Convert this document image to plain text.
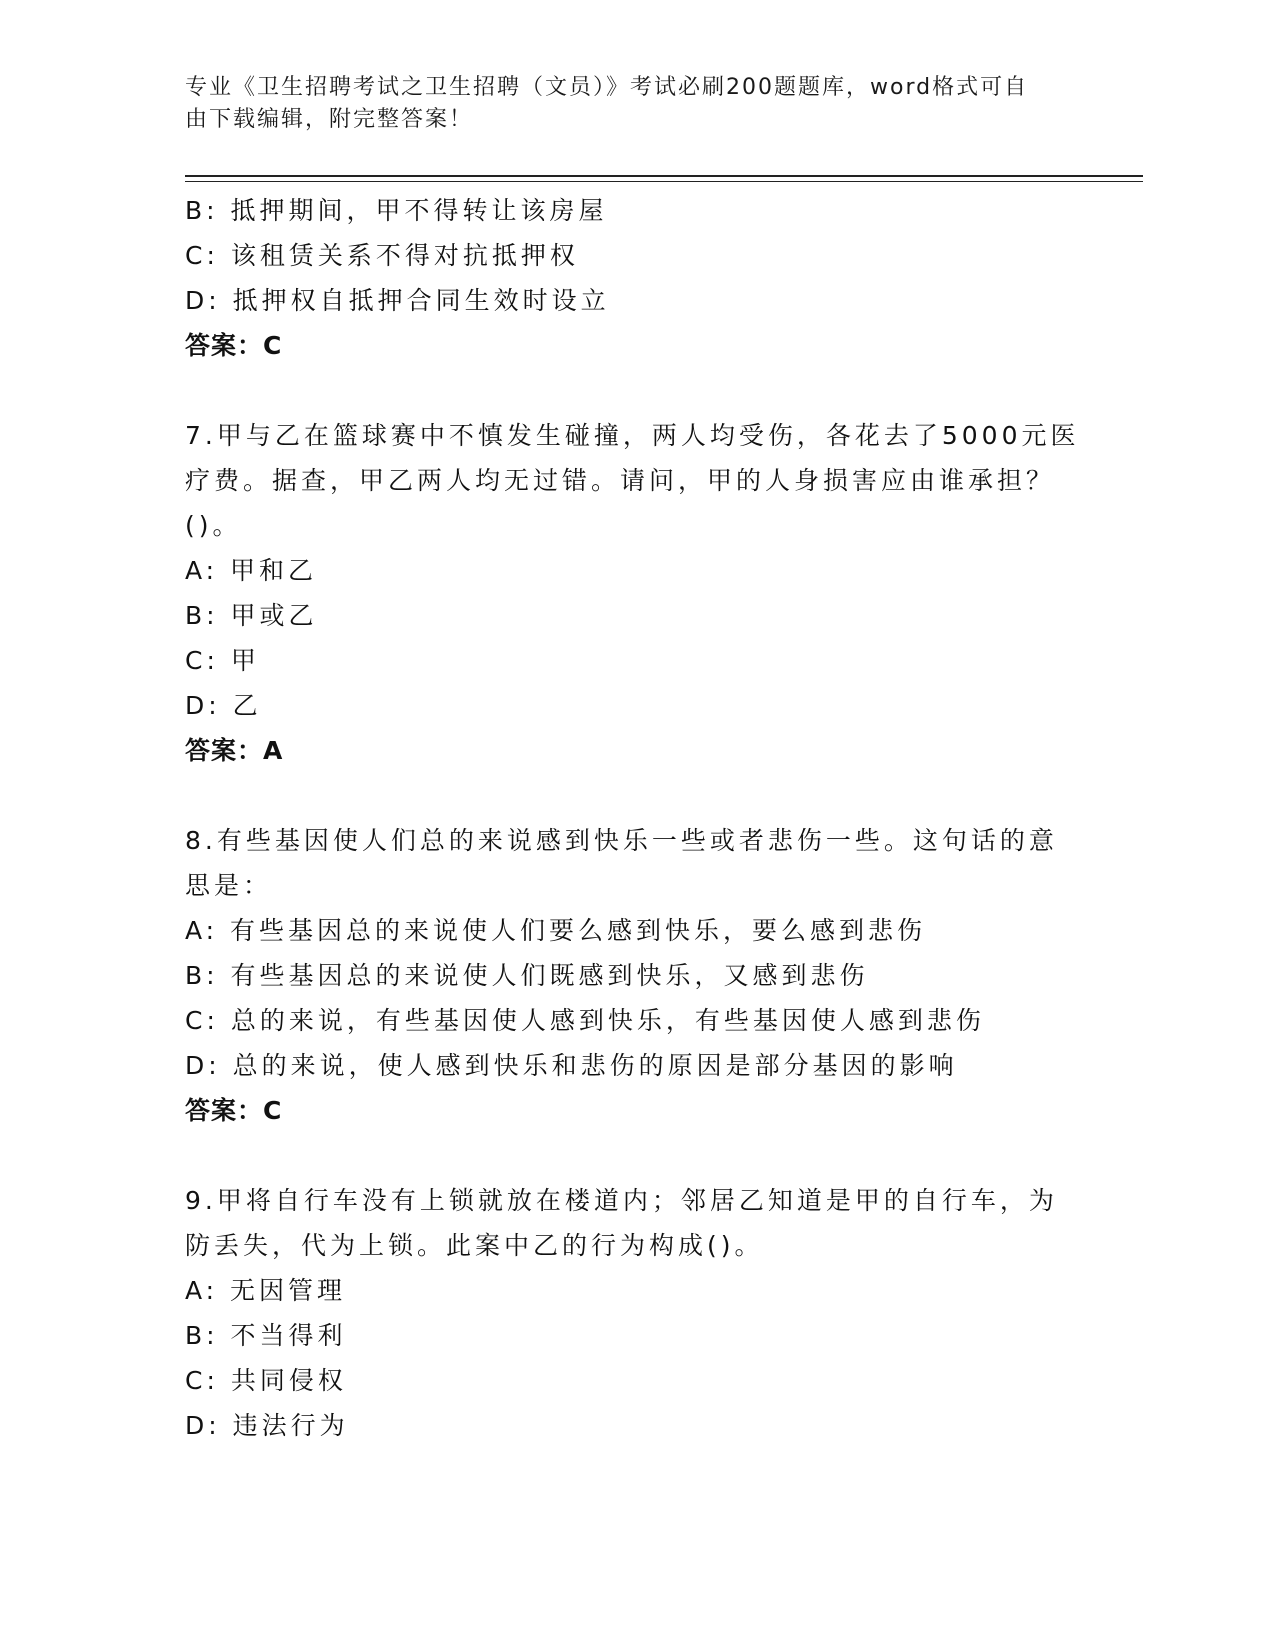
专业《卫生招聘考试之卫生招聘（文员）》考试必刷200题题库，word格式可自

由下载编辑，附完整答案！

B: 抵押期间，甲不得转让该房屋
C: 该租赁关系不得对抗抵押权
D: 抵押权自抵押合同生效时设立
答案：C
7.甲与乙在篮球赛中不慎发生碰撞，两人均受伤，各花去了5000元医
疗费。据查，甲乙两人均无过错。请问，甲的人身损害应由谁承担？
()。
A: 甲和乙
B: 甲或乙
C: 甲
D: 乙
答案：A
8.有些基因使人们总的来说感到快乐一些或者悲伤一些。这句话的意
思是：
A: 有些基因总的来说使人们要么感到快乐，要么感到悲伤
B: 有些基因总的来说使人们既感到快乐，又感到悲伤
C: 总的来说，有些基因使人感到快乐，有些基因使人感到悲伤
D: 总的来说，使人感到快乐和悲伤的原因是部分基因的影响
答案：C
9.甲将自行车没有上锁就放在楼道内；邻居乙知道是甲的自行车，为
防丢失，代为上锁。此案中乙的行为构成()。
A: 无因管理
B: 不当得利
C: 共同侵权
D: 违法行为
